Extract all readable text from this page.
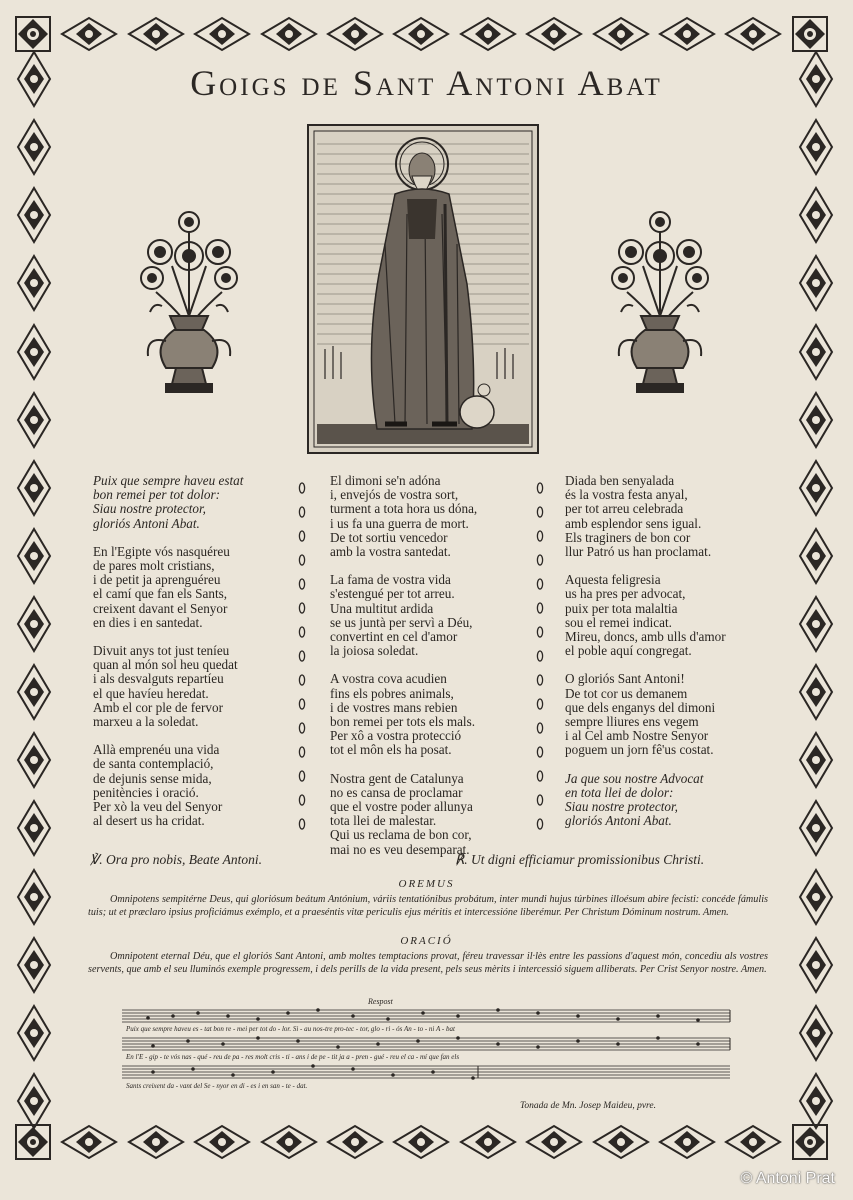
Goigs de Sant Antoni Abat
Puix que sempre haveu estat
bon remei per tot dolor:
Siau nostre protector,
gloriós Antoni Abat.
En l'Egipte vós nasquéreu
de pares molt cristians,
i de petit ja aprenguéreu
el camí que fan els Sants,
creixent davant el Senyor
en dies i en santedat.
Divuit anys tot just teníeu
quan al món sol heu quedat
i als desvalguts repartíeu
el que havíeu heredat.
Amb el cor ple de fervor
marxeu a la soledat.
Allà emprenéu una vida
de santa contemplació,
de dejunis sense mida,
penitències i oració.
Per xò la veu del Senyor
al desert us ha cridat.
El dimoni se'n adóna
i, envejós de vostra sort,
turment a tota hora us dóna,
i us fa una guerra de mort.
De tot sortiu vencedor
amb la vostra santedat.
La fama de vostra vida
s'estengué per tot arreu.
Una multitut ardida
se us juntà per servì a Déu,
convertint en cel d'amor
la joiosa soledat.
A vostra cova acudien
fins els pobres animals,
i de vostres mans rebien
bon remei per tots els mals.
Per xô a vostra protecció
tot el môn els ha posat.
Nostra gent de Catalunya
no es cansa de proclamar
que el vostre poder allunya
tota llei de malestar.
Qui us reclama de bon cor,
mai no es veu desemparat.
Diada ben senyalada
és la vostra festa anyal,
per tot arreu celebrada
amb esplendor sens igual.
Els traginers de bon cor
llur Patró us han proclamat.
Aquesta feligresia
us ha pres per advocat,
puix per tota malaltia
sou el remei indicat.
Mireu, doncs, amb ulls d'amor
el poble aquí congregat.
O gloriós Sant Antoni!
De tot cor us demanem
que dels enganys del dimoni
sempre lliures ens vegem
i al Cel amb Nostre Senyor
poguem un jorn fê'us costat.
Ja que sou nostre Advocat
en tota llei de dolor:
Siau nostre protector,
gloriós Antoni Abat.
℣. Ora pro nobis, Beate Antoni.	℟. Ut digni efficiamur promissionibus Christi.
OREMUS
Omnipotens sempitérne Deus, qui gloriósum beátum Antónium, váriis tentatiónibus probátum, inter mundi hujus túrbines illoésum abire fecisti: concéde fámulis tuis; ut et præclaro ipsius proficiámus exémplo, et a praeséntis vitæ periculis ejus méritis et intercessióne liberémur. Per Christum Dóminum nostrum. Amen.
ORACIÓ
Omnipotent eternal Déu, que el gloriós Sant Antoni, amb moltes temptacions provat, féreu travessar il·lès entre les passions d'aquest món, concediu als vostres servents, que amb el seu lluminós exemple progressem, i dels perills de la vida present, pels seus mèrits i intercessió siguem alliberats. Per Crist Senyor nostre. Amen.
Respost
Puix que sempre haveu es - tat bon re - mei per tot do - lor. Si - au nos-tre pro-tec - tor, glo - ri - ós An - to - ni A - bat
En l'E - gip - te vós nas - qué - reu de pa - res molt cris - ti - ans i de pe - tit ja a - pren - gué - reu el ca - mí que fan els
Sants creixent da - vant del Se - nyor en di - es i en san - te - dat.
Tonada de Mn. Josep Maideu, pvre.
© Antoni Prat
